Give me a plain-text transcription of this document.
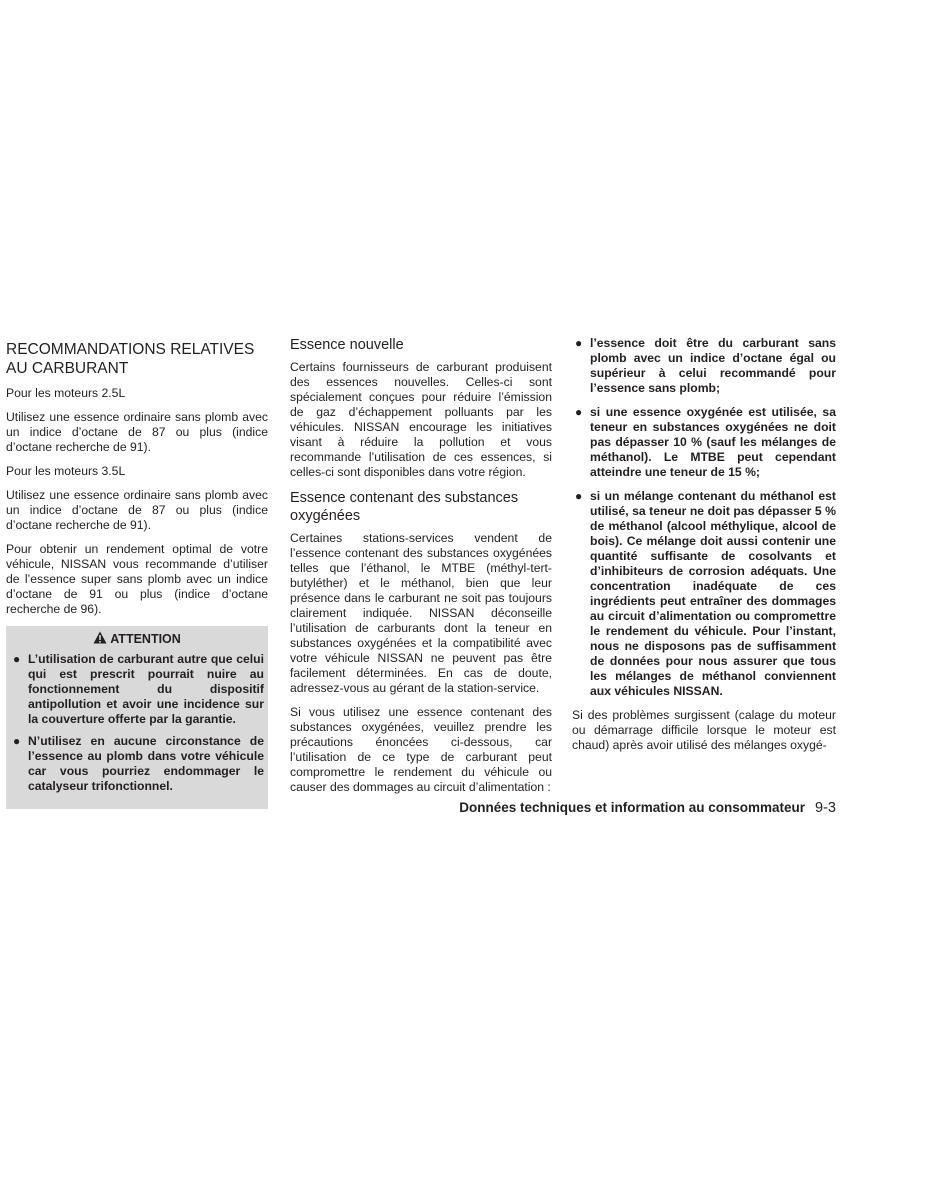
RECOMMANDATIONS RELATIVES AU CARBURANT

Pour les moteurs 2.5L

Utilisez une essence ordinaire sans plomb avec un indice d’octane de 87 ou plus (indice d’octane recherche de 91).

Pour les moteurs 3.5L

Utilisez une essence ordinaire sans plomb avec un indice d’octane de 87 ou plus (indice d’octane recherche de 91).

Pour obtenir un rendement optimal de votre véhicule, NISSAN vous recommande d’utiliser de l’essence super sans plomb avec un indice d’octane de 91 ou plus (indice d’octane recherche de 96).

ATTENTION
● L’utilisation de carburant autre que celui qui est prescrit pourrait nuire au fonctionnement du dispositif antipollution et avoir une incidence sur la couverture offerte par la garantie.
● N’utilisez en aucune circonstance de l’essence au plomb dans votre véhicule car vous pourriez endommager le catalyseur trifonctionnel.
Essence nouvelle

Certains fournisseurs de carburant produisent des essences nouvelles. Celles-ci sont spécialement conçues pour réduire l’émission de gaz d’échappement polluants par les véhicules. NISSAN encourage les initiatives visant à réduire la pollution et vous recommande l’utilisation de ces essences, si celles-ci sont disponibles dans votre région.

Essence contenant des substances oxygénées

Certaines stations-services vendent de l’essence contenant des substances oxygénées telles que l’éthanol, le MTBE (méthyl-tert-butyléther) et le méthanol, bien que leur présence dans le carburant ne soit pas toujours clairement indiquée. NISSAN déconseille l’utilisation de carburants dont la teneur en substances oxygénées et la compatibilité avec votre véhicule NISSAN ne peuvent pas être facilement déterminées. En cas de doute, adressez-vous au gérant de la station-service.

Si vous utilisez une essence contenant des substances oxygénées, veuillez prendre les précautions énoncées ci-dessous, car l’utilisation de ce type de carburant peut compromettre le rendement du véhicule ou causer des dommages au circuit d’alimentation :

● l’essence doit être du carburant sans plomb avec un indice d’octane égal ou supérieur à celui recommandé pour l’essence sans plomb;
● si une essence oxygénée est utilisée, sa teneur en substances oxygénées ne doit pas dépasser 10 % (sauf les mélanges de méthanol). Le MTBE peut cependant atteindre une teneur de 15 %;
● si un mélange contenant du méthanol est utilisé, sa teneur ne doit pas dépasser 5 % de méthanol (alcool méthylique, alcool de bois). Ce mélange doit aussi contenir une quantité suffisante de cosolvants et d’inhibiteurs de corrosion adéquats. Une concentration inadéquate de ces ingrédients peut entraîner des dommages au circuit d’alimentation ou compromettre le rendement du véhicule. Pour l’instant, nous ne disposons pas de suffisamment de données pour nous assurer que tous les mélanges de méthanol conviennent aux véhicules NISSAN.

Si des problèmes surgissent (calage du moteur ou démarrage difficile lorsque le moteur est chaud) après avoir utilisé des mélanges oxygé-

Données techniques et information au consommateur 9-3
